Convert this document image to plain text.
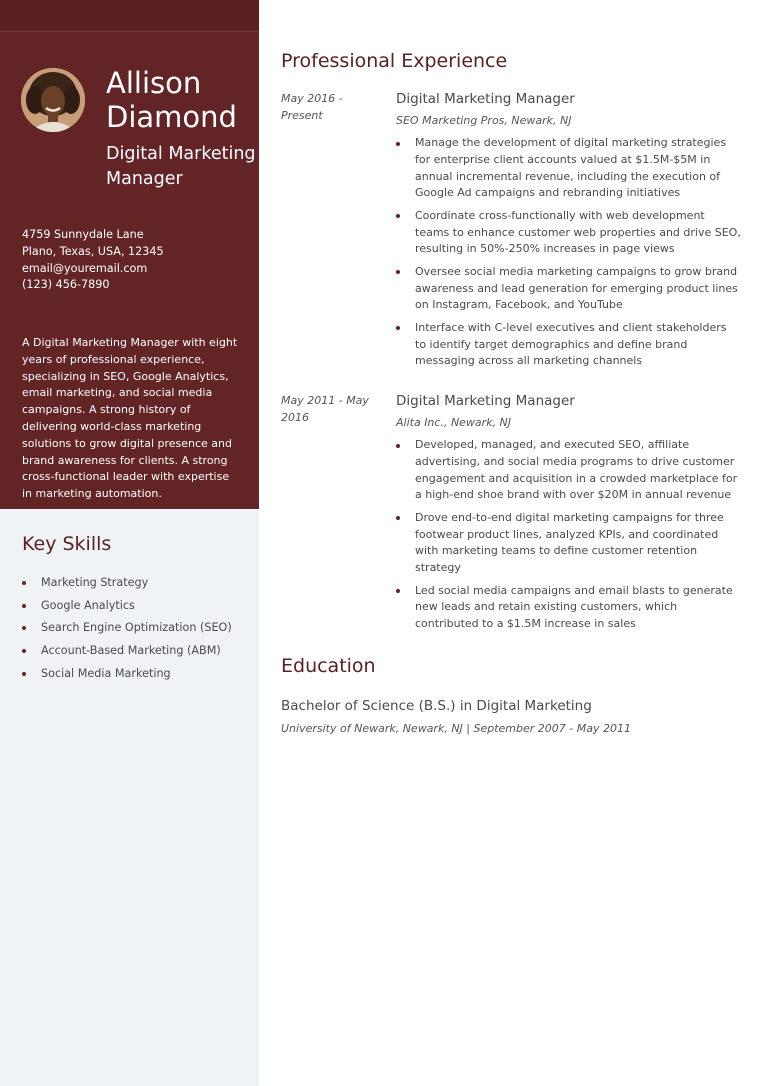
Allison
Diamond
Digital Marketing Manager
4759 Sunnydale Lane
Plano, Texas, USA, 12345
email@youremail.com
(123) 456-7890
A Digital Marketing Manager with eight years of professional experience, specializing in SEO, Google Analytics, email marketing, and social media campaigns. A strong history of delivering world-class marketing solutions to grow digital presence and brand awareness for clients. A strong cross-functional leader with expertise in marketing automation.
Key Skills
Marketing Strategy
Google Analytics
Search Engine Optimization (SEO)
Account-Based Marketing (ABM)
Social Media Marketing
Professional Experience
May 2016 - Present
Digital Marketing Manager
SEO Marketing Pros, Newark, NJ
Manage the development of digital marketing strategies for enterprise client accounts valued at $1.5M-$5M in annual incremental revenue, including the execution of Google Ad campaigns and rebranding initiatives
Coordinate cross-functionally with web development teams to enhance customer web properties and drive SEO, resulting in 50%-250% increases in page views
Oversee social media marketing campaigns to grow brand awareness and lead generation for emerging product lines on Instagram, Facebook, and YouTube
Interface with C-level executives and client stakeholders to identify target demographics and define brand messaging across all marketing channels
May 2011 - May 2016
Digital Marketing Manager
Alita Inc., Newark, NJ
Developed, managed, and executed SEO, affiliate advertising, and social media programs to drive customer engagement and acquisition in a crowded marketplace for a high-end shoe brand with over $20M in annual revenue
Drove end-to-end digital marketing campaigns for three footwear product lines, analyzed KPIs, and coordinated with marketing teams to define customer retention strategy
Led social media campaigns and email blasts to generate new leads and retain existing customers, which contributed to a $1.5M increase in sales
Education
Bachelor of Science (B.S.) in Digital Marketing
University of Newark, Newark, NJ | September 2007 - May 2011
